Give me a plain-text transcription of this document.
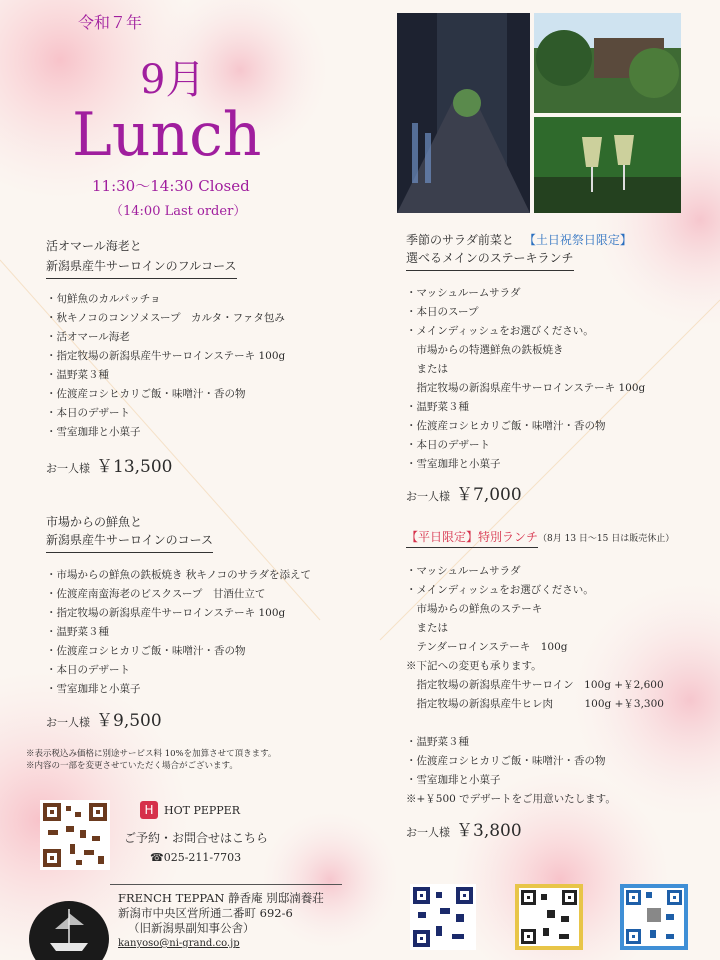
令和７年
9月
Lunch
11:30～14:30 Closed
（14:00 Last order）
活オマール海老と
新潟県産牛サーロインのフルコース
・旬鮮魚のカルパッチョ
・秋キノコのコンソメスープ　カルタ・ファタ包み
・活オマール海老
・指定牧場の新潟県産牛サーロインステーキ 100g
・温野菜３種
・佐渡産コシヒカリご飯・味噌汁・香の物
・本日のデザート
・雪室珈琲と小菓子
お一人様 ￥13,500
市場からの鮮魚と
新潟県産牛サーロインのコース
・市場からの鮮魚の鉄板焼き 秋キノコのサラダを添えて
・佐渡産南蛮海老のビスクスープ　甘酒仕立て
・指定牧場の新潟県産牛サーロインステーキ 100g
・温野菜３種
・佐渡産コシヒカリご飯・味噌汁・香の物
・本日のデザート
・雪室珈琲と小菓子
お一人様 ￥9,500
※表示税込み価格に別途サービス料 10%を加算させて頂きます。
※内容の一部を変更させていただく場合がございます。
季節のサラダ前菜と 【土日祝祭日限定】
選べるメインのステーキランチ
・マッシュルームサラダ
・本日のスープ
・メインディッシュをお選びください。
　市場からの特選鮮魚の鉄板焼き
　または
　指定牧場の新潟県産牛サーロインステーキ 100g
・温野菜３種
・佐渡産コシヒカリご飯・味噌汁・香の物
・本日のデザート
・雪室珈琲と小菓子
お一人様 ￥7,000
【平日限定】特別ランチ（8月 13 日～15 日は販売休止）
・マッシュルームサラダ
・メインディッシュをお選びください。
　市場からの鮮魚のステーキ
　または
　テンダーロインステーキ　100g
※下記への変更も承ります。
　指定牧場の新潟県産牛サーロイン　100g +￥2,600
　指定牧場の新潟県産牛ヒレ肉　　　100g +￥3,300
・温野菜３種
・佐渡産コシヒカリご飯・味噌汁・香の物
・雪室珈琲と小菓子
※+￥500 でデザートをご用意いたします。
お一人様 ￥3,800
H HOT PEPPER
ご予約・お問合せはこちら
☎025-211-7703
FRENCH TEPPAN 静香庵 別邸湳養荘
新潟市中央区営所通二番町 692-6
（旧新潟県副知事公舎）
kanyoso@ni-grand.co.jp
